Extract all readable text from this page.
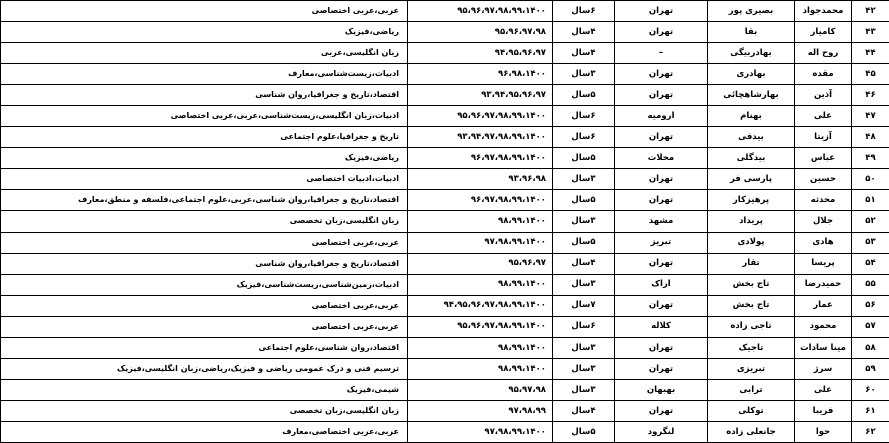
۴۲	محمدجواد	بصیری پور	تهران	۶سال	۹۵،۹۶،۹۷،۹۸،۹۹،۱۴۰۰	عربی،عربی اختصاصی
۴۳	کامیار	بقا	تهران	۴سال	۹۵،۹۶،۹۷،۹۸	ریاضی،فیزیک
۴۴	روح اله	بهادربیگی	–	۴سال	۹۴،۹۵،۹۶،۹۷	زبان انگلیسی،عربی
۴۵	مقده	بهادری	تهران	۳سال	۹۶،۹۸،۱۴۰۰	ادبیات،زیست‌شناسی،معارف
۴۶	آذین	بهارشاهچائی	تهران	۵سال	۹۳،۹۴،۹۵،۹۶،۹۷	اقتصاد،تاریخ و جغرافیا،روان شناسی
۴۷	علی	بهنام	ارومیه	۶سال	۹۵،۹۶،۹۷،۹۸،۹۹،۱۴۰۰	ادبیات،زبان انگلیسی،زیست‌شناسی،عربی،عربی اختصاصی
۴۸	آزیتا	بیدقی	تهران	۶سال	۹۳،۹۴،۹۷،۹۸،۹۹،۱۴۰۰	تاریخ و جغرافیا،علوم اجتماعی
۴۹	عباس	بیدگلی	محلات	۵سال	۹۶،۹۷،۹۸،۹۹،۱۴۰۰	ریاضی،فیزیک
۵۰	حسین	پارسی فر	تهران	۳سال	۹۳،۹۶،۹۸	ادبیات،ادبیات اختصاصی
۵۱	محدثه	پرهیزکار	تهران	۵سال	۹۶،۹۷،۹۸،۹۹،۱۴۰۰	اقتصاد،تاریخ و جغرافیا،روان شناسی،عربی،علوم اجتماعی،فلسفه و منطق،معارف
۵۲	جلال	پریداد	مشهد	۳سال	۹۸،۹۹،۱۴۰۰	زبان انگلیسی،زبان تخصصی
۵۳	هادی	پولادی	تبریز	۵سال	۹۷،۹۸،۹۹،۱۴۰۰	عربی،عربی اختصاصی
۵۴	پریسا	تقار	تهران	۴سال	۹۵،۹۶،۹۷	اقتصاد،تاریخ و جغرافیا،روان شناسی
۵۵	حمیدرضا	تاج بخش	اراک	۳سال	۹۸،۹۹،۱۴۰۰	ادبیات،زمین‌شناسی،زیست‌شناسی،فیزیک
۵۶	عمار	تاج بخش	تهران	۷سال	۹۴،۹۵،۹۶،۹۷،۹۸،۹۹،۱۴۰۰	عربی،عربی اختصاصی
۵۷	محمود	تاجی زاده	کلاله	۶سال	۹۵،۹۶،۹۷،۹۸،۹۹،۱۴۰۰	عربی،عربی اختصاصی
۵۸	مینا سادات	تاجیک	تهران	۳سال	۹۸،۹۹،۱۴۰۰	اقتصاد،روان شناسی،علوم اجتماعی
۵۹	سرژ	تبریزی	تهران	۳سال	۹۸،۹۹،۱۴۰۰	ترسیم فنی و درک عمومی ریاضی و فیزیک،ریاضی،زبان انگلیسی،فیزیک
۶۰	علی	ترابی	بهبهان	۳سال	۹۵،۹۷،۹۸	شیمی،فیزیک
۶۱	فریبا	توکلی	تهران	۴سال	۹۷،۹۸،۹۹	زبان انگلیسی،زبان تخصصی
۶۲	حوا	جانعلی زاده	لنگرود	۵سال	۹۷،۹۸،۹۹،۱۴۰۰	عربی،عربی اختصاصی،معارف
